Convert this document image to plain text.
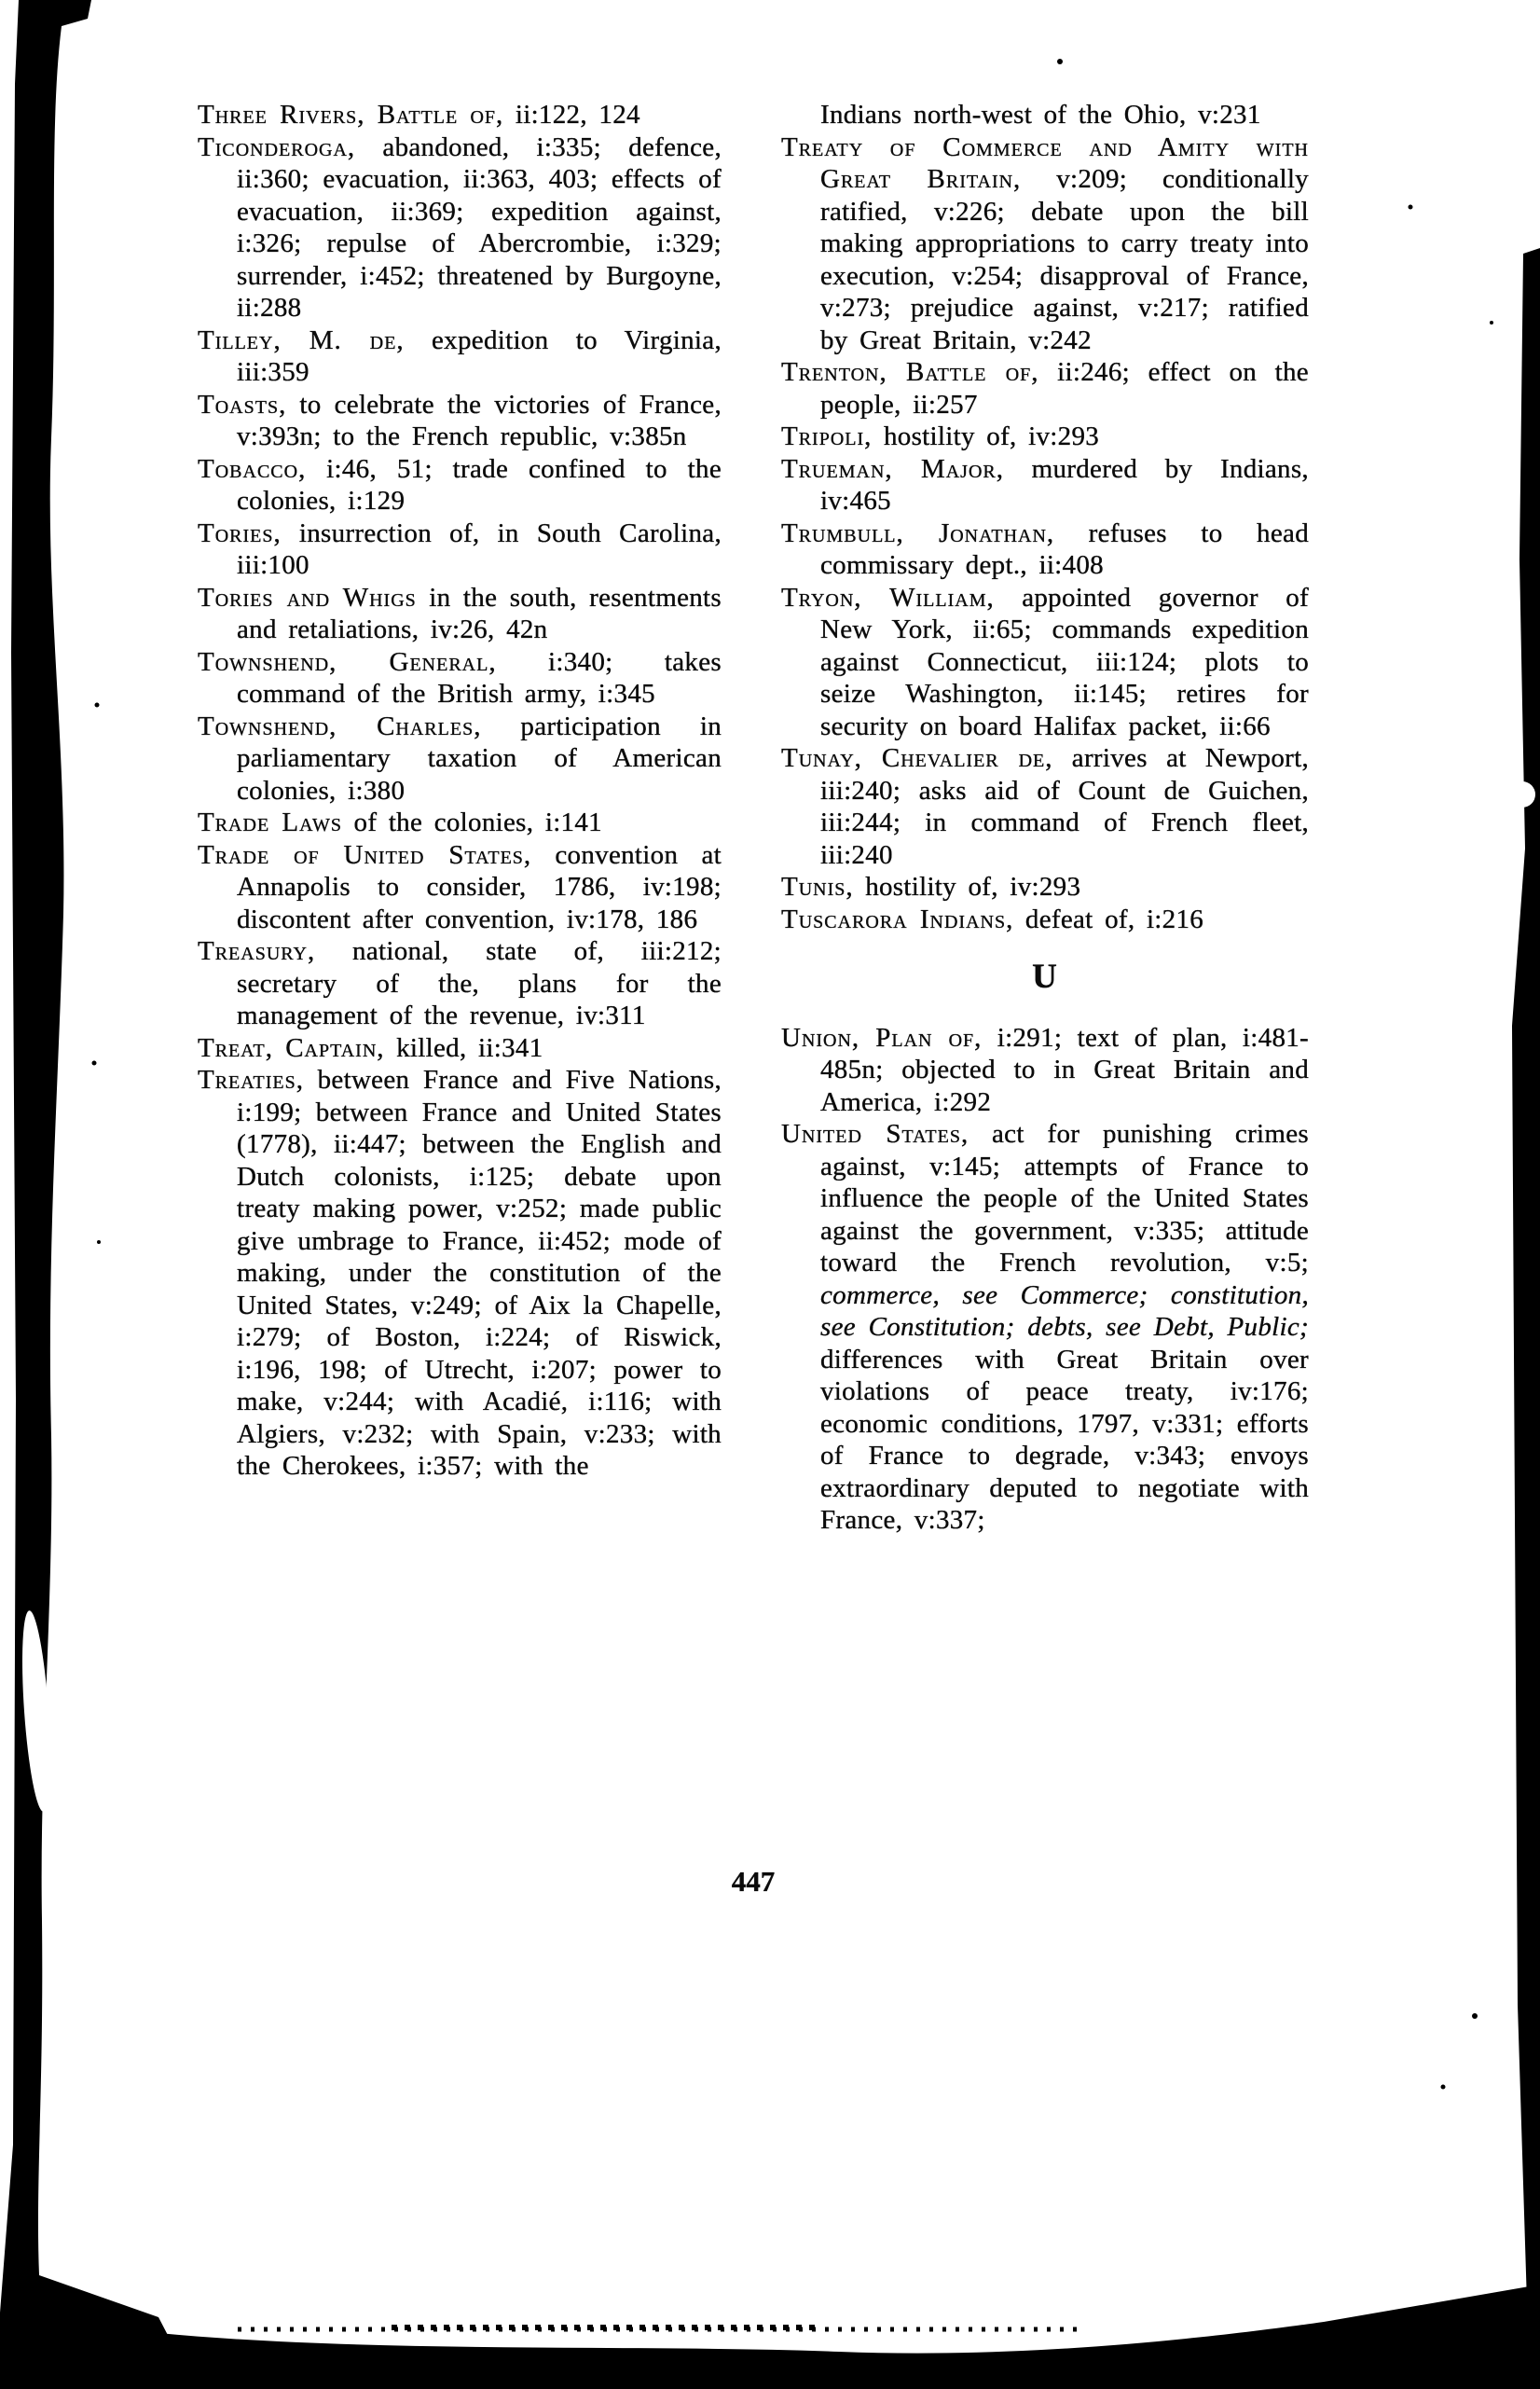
Three Rivers, Battle of, ii:122, 124

Ticonderoga, abandoned, i:335; defence, ii:360; evacuation, ii:363, 403; effects of evacuation, ii:369; expedition against, i:326; repulse of Abercrombie, i:329; surrender, i:452; threatened by Burgoyne, ii:288

Tilley, M. de, expedition to Virginia, iii:359

Toasts, to celebrate the victories of France, v:393n; to the French republic, v:385n

Tobacco, i:46, 51; trade confined to the colonies, i:129

Tories, insurrection of, in South Carolina, iii:100

Tories and Whigs in the south, resentments and retaliations, iv:26, 42n

Townshend, General, i:340; takes command of the British army, i:345

Townshend, Charles, participation in parliamentary taxation of American colonies, i:380

Trade Laws of the colonies, i:141

Trade of United States, convention at Annapolis to consider, 1786, iv:198; discontent after convention, iv:178, 186

Treasury, national, state of, iii:212; secretary of the, plans for the management of the revenue, iv:311

Treat, Captain, killed, ii:341

Treaties, between France and Five Nations, i:199; between France and United States (1778), ii:447; between the English and Dutch colonists, i:125; debate upon treaty making power, v:252; made public give umbrage to France, ii:452; mode of making, under the constitution of the United States, v:249; of Aix la Chapelle, i:279; of Boston, i:224; of Riswick, i:196, 198; of Utrecht, i:207; power to make, v:244; with Acadié, i:116; with Algiers, v:232; with Spain, v:233; with the Cherokees, i:357; with the

Indians north-west of the Ohio, v:231

Treaty of Commerce and Amity with Great Britain, v:209; conditionally ratified, v:226; debate upon the bill making appropriations to carry treaty into execution, v:254; disapproval of France, v:273; prejudice against, v:217; ratified by Great Britain, v:242

Trenton, Battle of, ii:246; effect on the people, ii:257

Tripoli, hostility of, iv:293

Trueman, Major, murdered by Indians, iv:465

Trumbull, Jonathan, refuses to head commissary dept., ii:408

Tryon, William, appointed governor of New York, ii:65; commands expedition against Connecticut, iii:124; plots to seize Washington, ii:145; retires for security on board Halifax packet, ii:66

Tunay, Chevalier de, arrives at Newport, iii:240; asks aid of Count de Guichen, iii:244; in command of French fleet, iii:240

Tunis, hostility of, iv:293

Tuscarora Indians, defeat of, i:216

U

Union, Plan of, i:291; text of plan, i:481-485n; objected to in Great Britain and America, i:292

United States, act for punishing crimes against, v:145; attempts of France to influence the people of the United States against the government, v:335; attitude toward the French revolution, v:5; commerce, see Commerce; constitution, see Constitution; debts, see Debt, Public; differences with Great Britain over violations of peace treaty, iv:176; economic conditions, 1797, v:331; efforts of France to degrade, v:343; envoys extraordinary deputed to negotiate with France, v:337;

447
